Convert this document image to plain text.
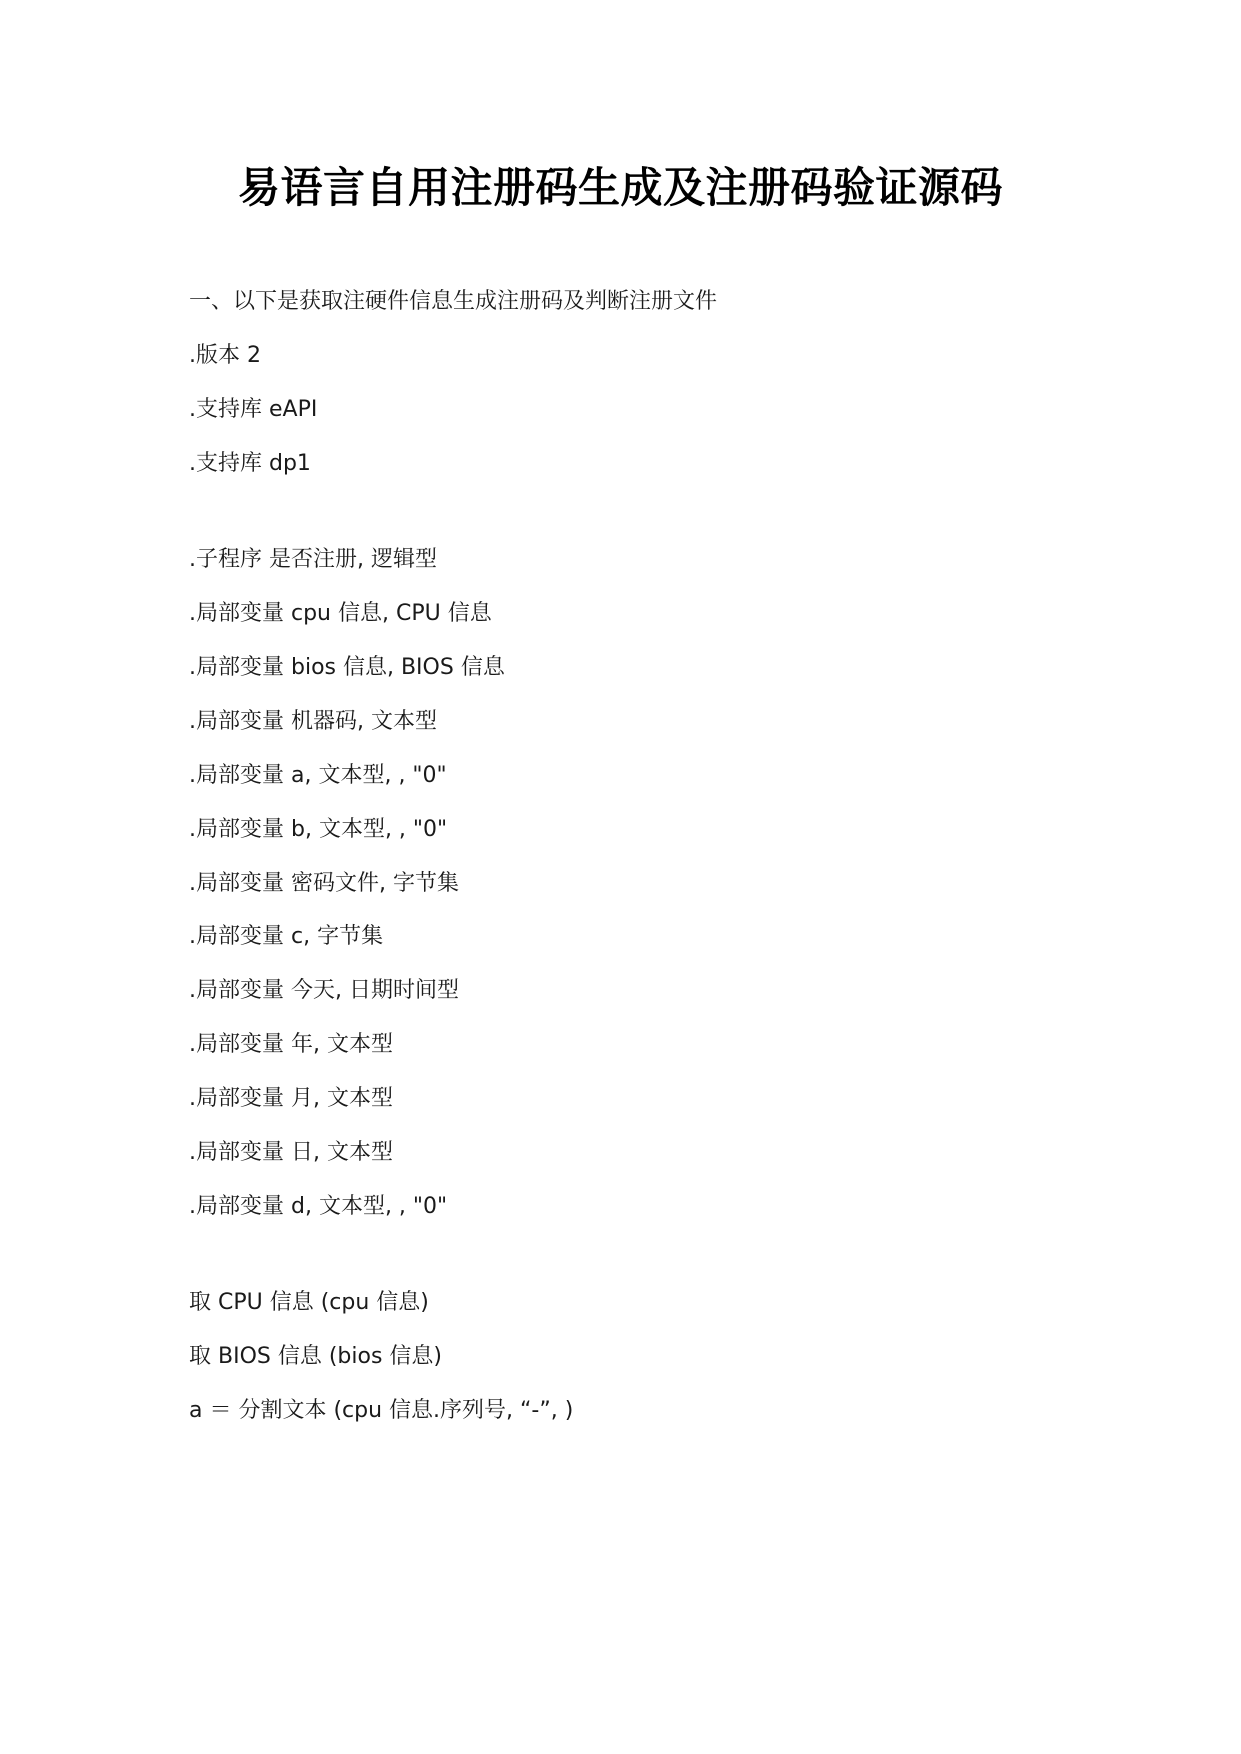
易语言自用注册码生成及注册码验证源码
一、以下是获取注硬件信息生成注册码及判断注册文件
.版本 2
.支持库 eAPI
.支持库 dp1
.子程序 是否注册, 逻辑型
.局部变量 cpu 信息, CPU 信息
.局部变量 bios 信息, BIOS 信息
.局部变量 机器码, 文本型
.局部变量 a, 文本型, , "0"
.局部变量 b, 文本型, , "0"
.局部变量 密码文件, 字节集
.局部变量 c, 字节集
.局部变量 今天, 日期时间型
.局部变量 年, 文本型
.局部变量 月, 文本型
.局部变量 日, 文本型
.局部变量 d, 文本型, , "0"
取 CPU 信息 (cpu 信息)
取 BIOS 信息 (bios 信息)
a ＝ 分割文本 (cpu 信息.序列号, “-”, )
